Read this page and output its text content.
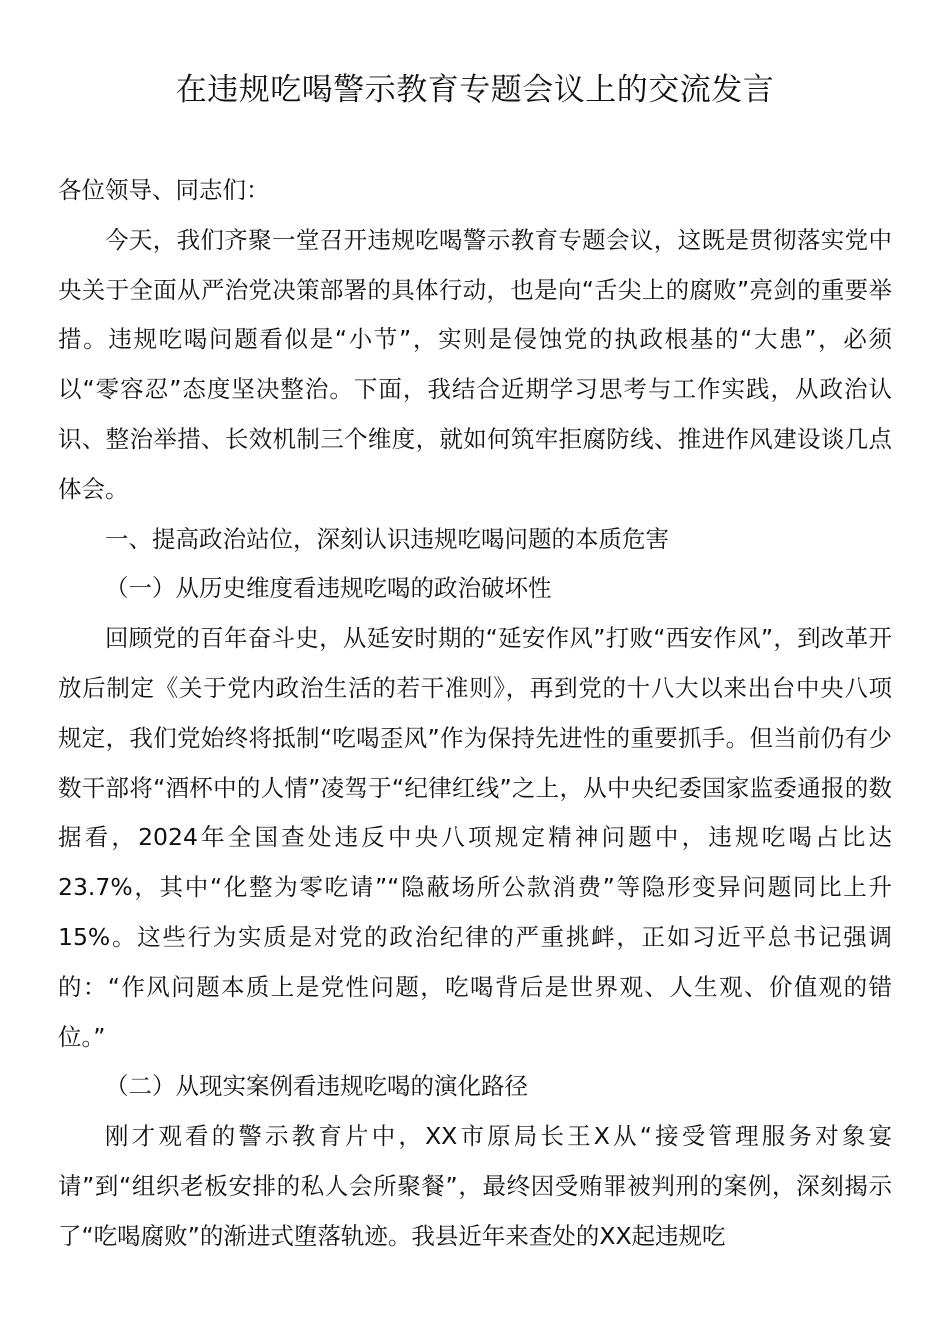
在违规吃喝警示教育专题会议上的交流发言

各位领导、同志们：

今天，我们齐聚一堂召开违规吃喝警示教育专题会议，这既是贯彻落实党中央关于全面从严治党决策部署的具体行动，也是向“舌尖上的腐败”亮剑的重要举措。违规吃喝问题看似是“小节”，实则是侵蚀党的执政根基的“大患”，必须以“零容忍”态度坚决整治。下面，我结合近期学习思考与工作实践，从政治认识、整治举措、长效机制三个维度，就如何筑牢拒腐防线、推进作风建设谈几点体会。

一、提高政治站位，深刻认识违规吃喝问题的本质危害

（一）从历史维度看违规吃喝的政治破坏性

回顾党的百年奋斗史，从延安时期的“延安作风”打败“西安作风”，到改革开放后制定《关于党内政治生活的若干准则》，再到党的十八大以来出台中央八项规定，我们党始终将抵制“吃喝歪风”作为保持先进性的重要抓手。但当前仍有少数干部将“酒杯中的人情”凌驾于“纪律红线”之上，从中央纪委国家监委通报的数据看，2024年全国查处违反中央八项规定精神问题中，违规吃喝占比达23.7%，其中“化整为零吃请”“隐蔽场所公款消费”等隐形变异问题同比上升15%。这些行为实质是对党的政治纪律的严重挑衅，正如习近平总书记强调的：“作风问题本质上是党性问题，吃喝背后是世界观、人生观、价值观的错位。”

（二）从现实案例看违规吃喝的演化路径

刚才观看的警示教育片中，XX市原局长王X从“接受管理服务对象宴请”到“组织老板安排的私人会所聚餐”，最终因受贿罪被判刑的案例，深刻揭示了“吃喝腐败”的渐进式堕落轨迹。我县近年来查处的XX起违规吃
